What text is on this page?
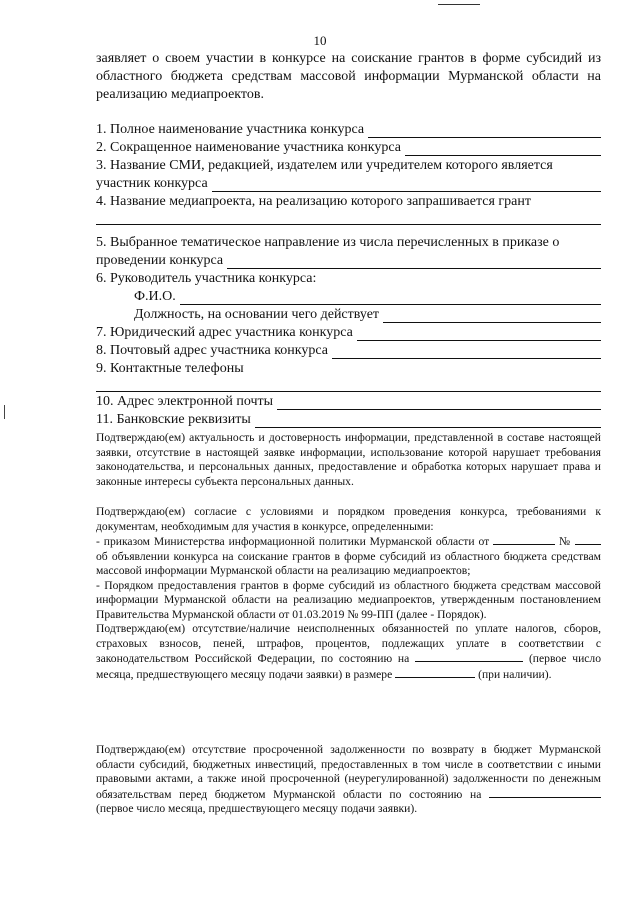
10
заявляет о своем участии в конкурсе на соискание грантов в форме субсидий из областного бюджета средствам массовой информации Мурманской области на реализацию медиапроектов.
1. Полное наименование участника конкурса
2. Сокращенное наименование участника конкурса
3. Название СМИ, редакцией, издателем или учредителем которого является
участник конкурса
4. Название медиапроекта, на реализацию которого запрашивается грант
5. Выбранное тематическое направление из числа перечисленных в приказе о
проведении конкурса
6. Руководитель участника конкурса:
Ф.И.О.
Должность, на основании чего действует
7. Юридический адрес участника конкурса
8. Почтовый адрес участника конкурса
9. Контактные телефоны
10. Адрес электронной почты
11. Банковские реквизиты
Подтверждаю(ем) актуальность и достоверность информации, представленной в составе настоящей заявки, отсутствие в настоящей заявке информации, использование которой нарушает требования законодательства, и персональных данных, предоставление и обработка которых нарушает права и законные интересы субъекта персональных данных.
Подтверждаю(ем) согласие с условиями и порядком проведения конкурса, требованиями к документам, необходимым для участия в конкурсе, определенными:
- приказом Министерства информационной политики Мурманской области от	№  об объявлении конкурса на соискание грантов в форме субсидий из областного бюджета средствам массовой информации Мурманской области на реализацию медиапроектов;
- Порядком предоставления грантов в форме субсидий из областного бюджета средствам массовой информации Мурманской области на реализацию медиапроектов, утвержденным постановлением Правительства Мурманской области от 01.03.2019 № 99-ПП (далее - Порядок).
Подтверждаю(ем) отсутствие/наличие неисполненных обязанностей по уплате налогов, сборов, страховых взносов, пеней, штрафов, процентов, подлежащих уплате в соответствии с законодательством Российской Федерации, по состоянию на	(первое число месяца, предшествующего месяцу подачи заявки) в размере	(при наличии).
Подтверждаю(ем) отсутствие просроченной задолженности по возврату в бюджет Мурманской области субсидий, бюджетных инвестиций, предоставленных в том числе в соответствии с иными правовыми актами, а также иной просроченной (неурегулированной) задолженности по денежным обязательствам перед бюджетом Мурманской области по состоянию на  (первое число месяца, предшествующего месяцу подачи заявки).
